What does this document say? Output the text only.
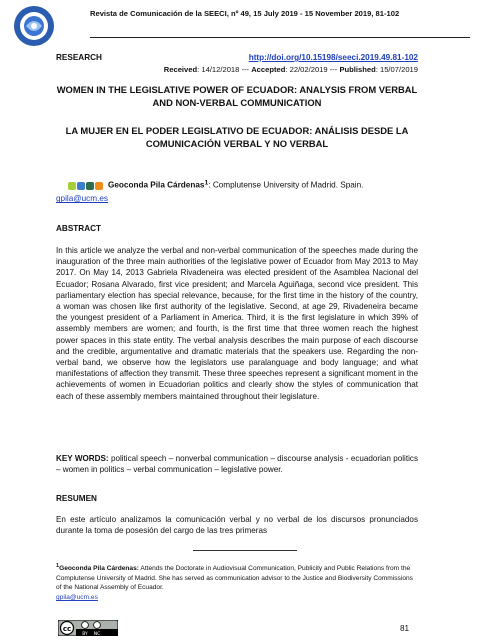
Revista de Comunicación de la SEECI, nº 49, 15 July 2019 - 15 November 2019, 81-102
RESEARCH	http://doi.org/10.15198/seeci.2019.49.81-102
Received: 14/12/2018 --- Accepted: 22/02/2019 --- Published: 15/07/2019
WOMEN IN THE LEGISLATIVE POWER OF ECUADOR: ANALYSIS FROM VERBAL AND NON-VERBAL COMMUNICATION
LA MUJER EN EL PODER LEGISLATIVO DE ECUADOR: ANÁLISIS DESDE LA COMUNICACIÓN VERBAL Y NO VERBAL
Geoconda Pila Cárdenas$^1$: Complutense University of Madrid. Spain.
gpila@ucm.es
ABSTRACT
In this article we analyze the verbal and non-verbal communication of the speeches made during the inauguration of the three main authorities of the legislative power of Ecuador from May 2013 to May 2017. On May 14, 2013 Gabriela Rivadeneira was elected president of the Asamblea Nacional del Ecuador; Rosana Alvarado, first vice president; and Marcela Aguiñaga, second vice president. This parliamentary election has special relevance, because, for the first time in the history of the country, a woman was chosen like first authority of the legislative. Second, at age 29, Rivadeneira became the youngest president of a Parliament in America. Third, it is the first legislature in which 39% of assembly members are women; and fourth, is the first time that three women reach the highest power spaces in this state entity. The verbal analysis describes the main purpose of each discourse and the credible, argumentative and dramatic materials that the speakers use. Regarding the non-verbal band, we observe how the legislators use paralanguage and body language; and what manifestations of affection they transmit. These three speeches represent a significant moment in the achievements of women in Ecuadorian politics and clearly show the styles of communication that each of these assembly members maintained throughout their legislature.
KEY WORDS: political speech – nonverbal communication – discourse analysis - ecuadorian politics – women in politics – verbal communication – legislative power.
RESUMEN
En este artículo analizamos la comunicación verbal y no verbal de los discursos pronunciados durante la toma de posesión del cargo de las tres primeras
$^1$Geoconda Pila Cárdenas: Attends the Doctorate in Audiovisual Communication, Publicity and Public Relations from the Complutense University of Madrid. She has served as communication advisor to the Justice and Biodiversity Commissions of the National Assembly of Ecuador.
gpila@ucm.es
cc
BY NC
81
